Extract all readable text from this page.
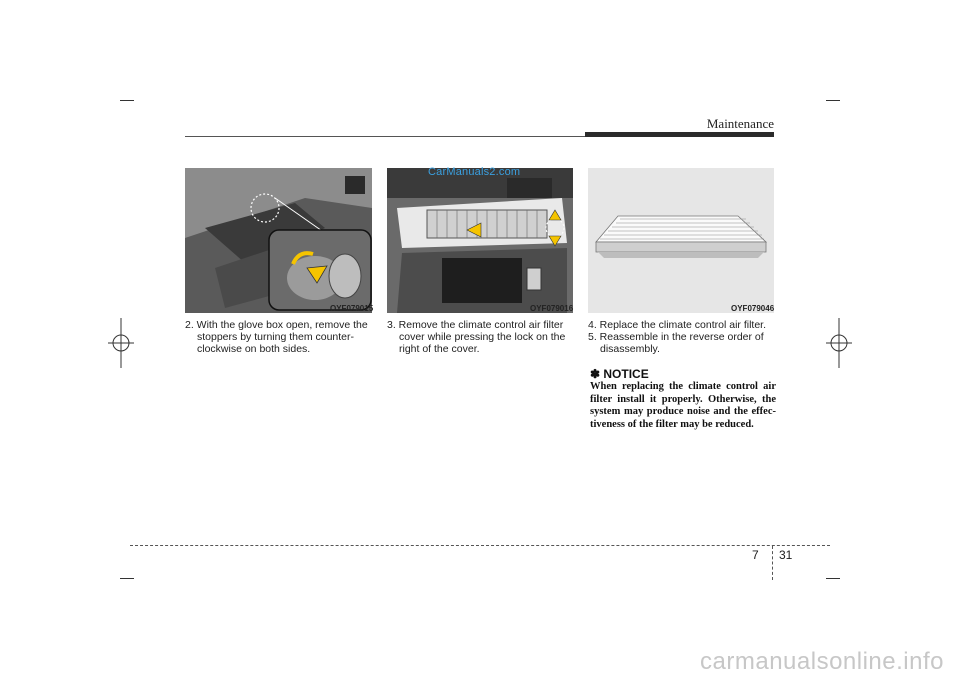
Maintenance
OYF079015	OYF079016
CarManuals2.com
OYF079046
2. With the glove box open, remove the
stoppers by turning them counter-
clockwise on both sides.
3. Remove the climate control air filter
cover while pressing the lock on the
right of the cover.
4. Replace the climate control air filter.
5. Reassemble in the reverse order of
disassembly.
✽ NOTICE
When replacing the climate control air filter install it properly. Otherwise, the system may produce noise and the effec-tiveness of the filter may be reduced.
7 31
carmanualsonline.info
